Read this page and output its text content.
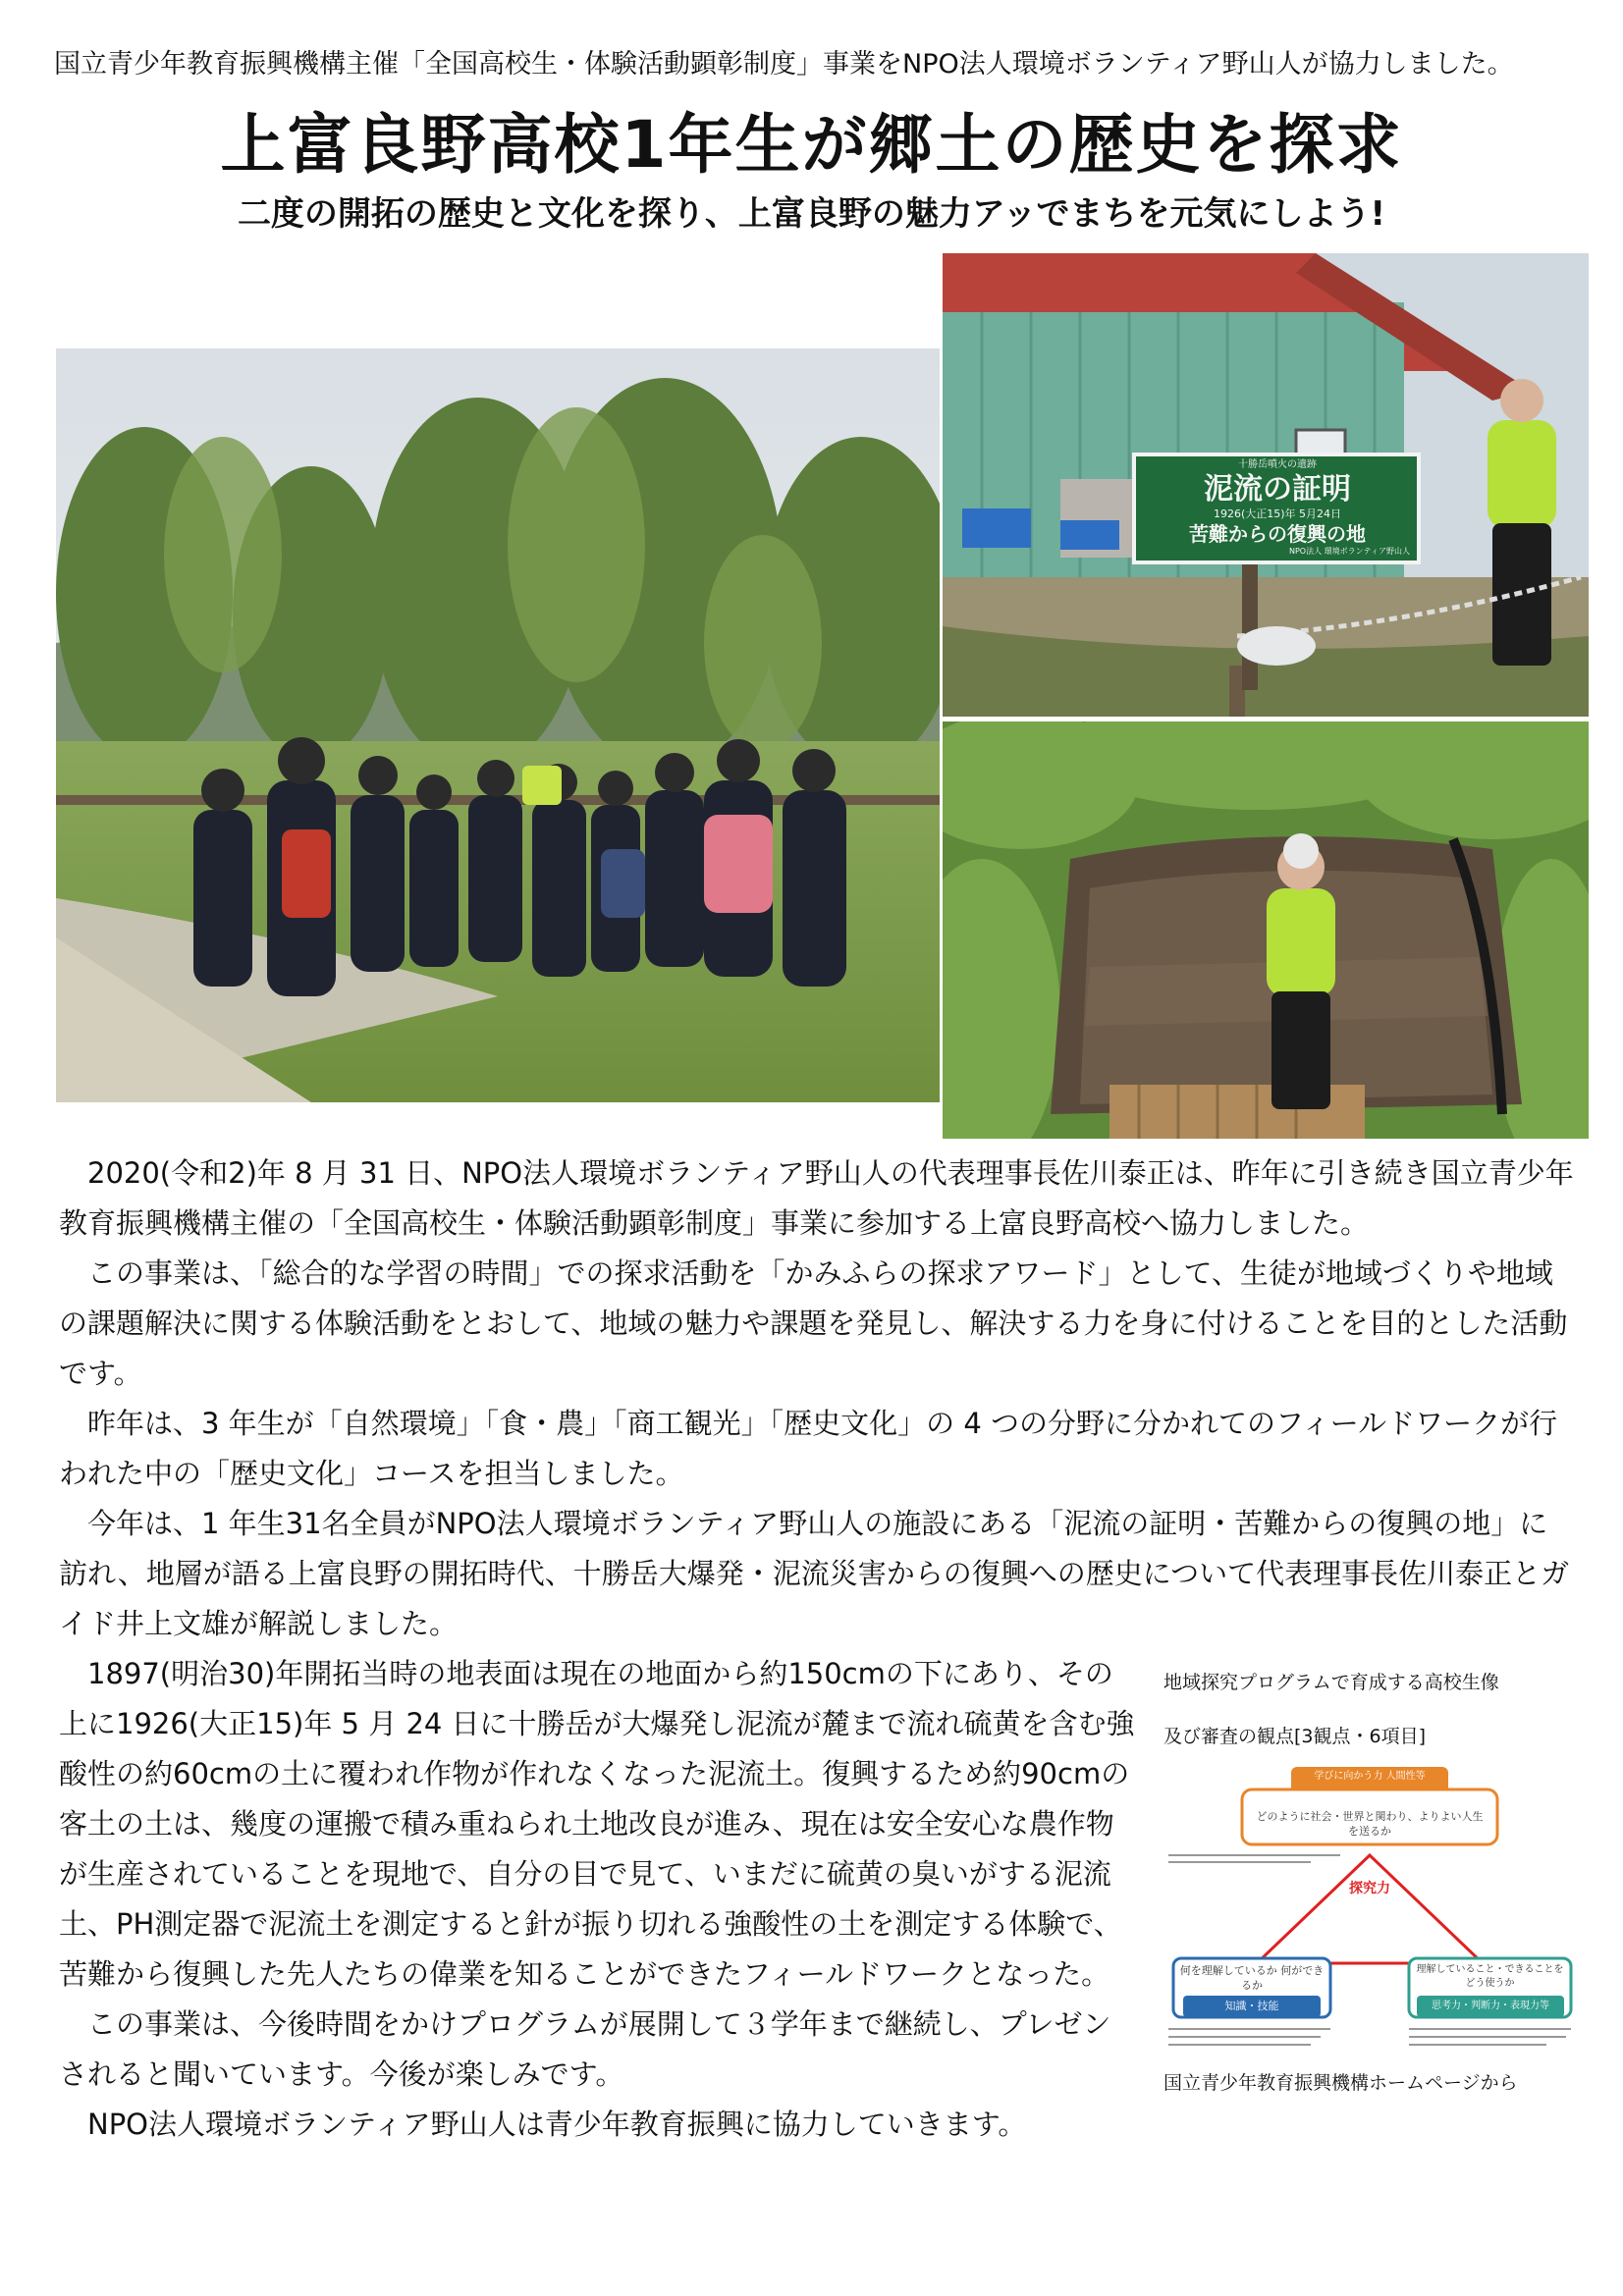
国立青少年教育振興機構主催「全国高校生・体験活動顕彰制度」事業をNPO法人環境ボランティア野山人が協力しました。
上富良野高校1年生が郷土の歴史を探求
二度の開拓の歴史と文化を探り、上富良野の魅力アッでまちを元気にしよう!
十勝岳噴火の遺跡
泥流の証明
1926(大正15)年 5月24日
苦難からの復興の地
NPO法人 環境ボランティア野山人

2020(令和2)年 8 月 31 日、NPO法人環境ボランティア野山人の代表理事長佐川泰正は、昨年に引き続き国立青少年教育振興機構主催の「全国高校生・体験活動顕彰制度」事業に参加する上富良野高校へ協力しました。

この事業は、「総合的な学習の時間」での探求活動を「かみふらの探求アワード」として、生徒が地域づくりや地域の課題解決に関する体験活動をとおして、地域の魅力や課題を発見し、解決する力を身に付けることを目的とした活動です。

昨年は、3 年生が「自然環境」「食・農」「商工観光」「歴史文化」の 4 つの分野に分かれてのフィールドワークが行われた中の「歴史文化」コースを担当しました。

今年は、1 年生31名全員がNPO法人環境ボランティア野山人の施設にある「泥流の証明・苦難からの復興の地」に訪れ、地層が語る上富良野の開拓時代、十勝岳大爆発・泥流災害からの復興への歴史について代表理事長佐川泰正とガイド井上文雄が解説しました。

1897(明治30)年開拓当時の地表面は現在の地面から約150cmの下にあり、その上に1926(大正15)年 5 月 24 日に十勝岳が大爆発し泥流が麓まで流れ硫黄を含む強酸性の約60cmの土に覆われ作物が作れなくなった泥流土。復興するため約90cmの客土の土は、幾度の運搬で積み重ねられ土地改良が進み、現在は安全安心な農作物が生産されていることを現地で、自分の目で見て、いまだに硫黄の臭いがする泥流土、PH測定器で泥流土を測定すると針が振り切れる強酸性の土を測定する体験で、苦難から復興した先人たちの偉業を知ることができたフィールドワークとなった。

この事業は、今後時間をかけプログラムが展開して３学年まで継続し、プレゼンされると聞いています。今後が楽しみです。

NPO法人環境ボランティア野山人は青少年教育振興に協力していきます。

地域探究プログラムで育成する高校生像
及び審査の観点[3観点・6項目]
学びに向かう力 人間性等
どのように社会・世界と関わり、よりよい人生を送るか
探究力
何を理解しているか 何ができるか
知識・技能
理解していること・できることをどう使うか
思考力・判断力・表現力等
国立青少年教育振興機構ホームページから
